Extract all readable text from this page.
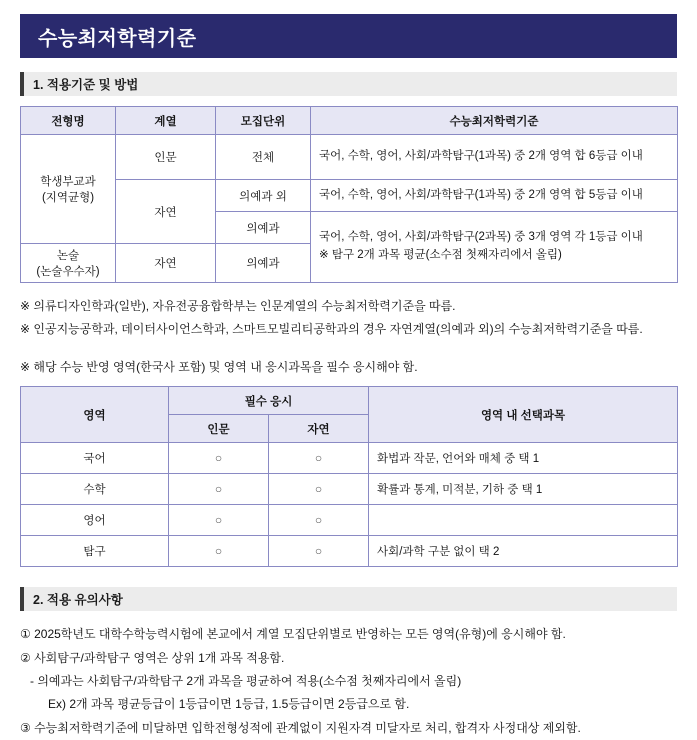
수능최저학력기준
1. 적용기준 및 방법
전형명	계열	모집단위	수능최저학력기준

학생부교과
(지역균형)	인문	전체	국어, 수학, 영어, 사회/과학탐구(1과목) 중 2개 영역 합 6등급 이내
	자연	의예과 외	국어, 수학, 영어, 사회/과학탐구(1과목) 중 2개 영역 합 5등급 이내
		의예과	국어, 수학, 영어, 사회/과학탐구(2과목) 중 3개 영역 각 1등급 이내
※ 탐구 2개 과목 평균(소수점 첫째자리에서 올림)

논술
(논술우수자)	자연	의예과	
※ 의류디자인학과(일반), 자유전공융합학부는 인문계열의 수능최저학력기준을 따름.
※ 인공지능공학과, 데이터사이언스학과, 스마트모빌리티공학과의 경우 자연계열(의예과 외)의 수능최저학력기준을 따름.
※ 해당 수능 반영 영역(한국사 포함) 및 영역 내 응시과목을 필수 응시해야 함.
영역	필수 응시		영역 내 선택과목
	인문	자연	
국어	○	○	화법과 작문, 언어와 매체 중 택 1
수학	○	○	확률과 통계, 미적분, 기하 중 택 1
영어	○	○	
탐구	○	○	사회/과학 구분 없이 택 2
2. 적용 유의사항
① 2025학년도 대학수학능력시험에 본교에서 계열 모집단위별로 반영하는 모든 영역(유형)에 응시해야 함.
② 사회탐구/과학탐구 영역은 상위 1개 과목 적용함.
- 의예과는 사회탐구/과학탐구 2개 과목을 평균하여 적용(소수점 첫째자리에서 올림)
Ex) 2개 과목 평균등급이 1등급이면 1등급, 1.5등급이면 2등급으로 함.
③ 수능최저학력기준에 미달하면 입학전형성적에 관계없이 지원자격 미달자로 처리, 합격자 사정대상 제외함.
